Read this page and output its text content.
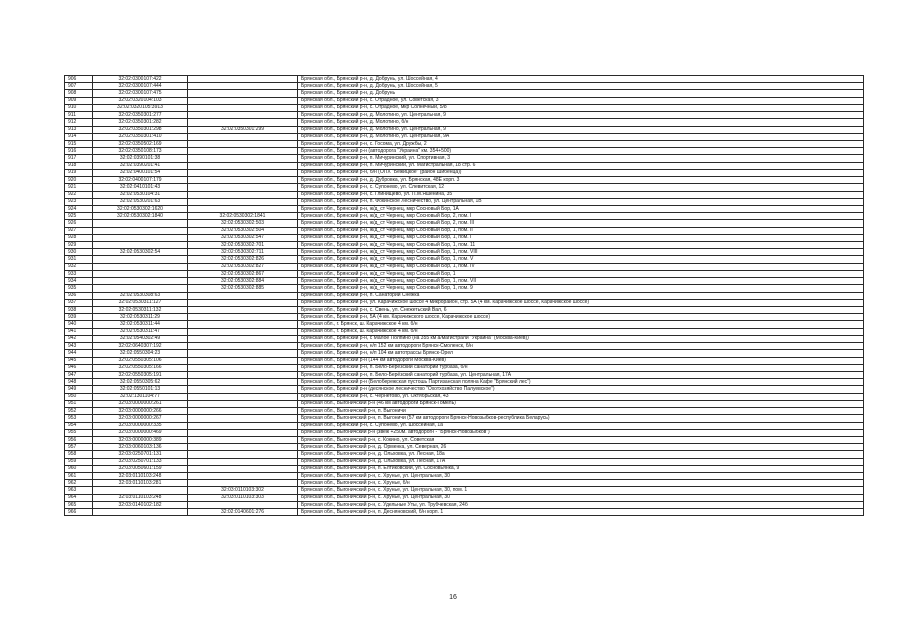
906	32:02:0300107:422		Брянская обл., Брянский р-н, д. Добрунь, ул. Шоссейная, 4
907	32:02:0300107:444		Брянская обл., Брянский р-н, д. Добрунь, ул. Шоссейная, 5
908	32:02:0300107:475		Брянская обл., Брянский р-н, д. Добрунь
909	32:02:0320104:103		Брянская обл., Брянский р-н, с. Отрадное, ул. Советская, 3
910	32:02:0320105:3913		Брянская обл., Брянский р-н, с. Отрадное, мкр Солнечный, 5/8
911	32:02:0350301:277		Брянская обл., Брянский р-н, д. Молотино, ул. Центральная, 9
912	32:02:0350301:282		Брянская обл., Брянский р-н, д. Молотино, б/н
913	32:02:0350301:298	32:02:0350301:299	Брянская обл., Брянский р-н, д. Молотино, ул. Центральная, 9
914	32:02:0350301:410		Брянская обл., Брянский р-н, д. Молотино, ул. Центральная, 9А
915	32:02:0350502:169		Брянская обл., Брянский р-н, с. Госома, ул. Дружбы, 2
916	32:02:0350108:173		Брянская обл., Брянский р-н (автодорога "Украина" км. 354+500)
917	32:02:0390101:38		Брянская обл., Брянский р-н, п. Мичуринский, ул. Спортивная, 3
918	32:02:0390201:41		Брянская обл., Брянский р-н, п. Мичуринский, ул. Магистральная, 18 стр. 6
919	32:02:0400101:54		Брянская обл., Брянский р-н, б/н (ОПХ "Бежицкое" (район Шибенца))
920	32:02:0400107:179		Брянская обл., Брянский р-н, д. Дубровка, ул. Брянская, 48Е корп. 3
921	32:02:0410101:43		Брянская обл., Брянский р-н, с. Супонево, ул. Слевитская, 12
922	32:02:0530104:31		Брянская обл., Брянский р-н, с. Глинищево, ул. П.М.Яшенина, 35
923	32:02:0530201:63		Брянская обл., Брянский р-н, п. Фокинское Лесничество, ул. Центральная, 1В
924	32:02:0530302:1620		Брянская обл., Брянский р-н, ж/д_ст Чернец, мкр Сосновый Бор, 1А
925	32:02:0530302:1840	32:02:0530302:1841	Брянская обл., Брянский р-н, ж/д_ст Чернец, мкр Сосновый Бор, 2, пом. I
926		32:02:0530302:503	Брянская обл., Брянский р-н, ж/д_ст Чернец, мкр Сосновый Бор, 2, пом. III
927		32:02:0530302:504	Брянская обл., Брянский р-н, ж/д_ст Чернец, мкр Сосновый Бор, 1, пом. II
928		32:02:0530302:547	Брянская обл., Брянский р-н, ж/д_ст Чернец, мкр Сосновый Бор, 1, пом. I
929		32:02:0530302:701	Брянская обл., Брянский р-н, ж/д_ст Чернец, мкр Сосновый Бор, 1, пом. 11
930	32:02:0530302:54	32:02:0530302:711	Брянская обл., Брянский р-н, ж/д_ст Чернец, мкр Сосновый Бор, 1, пом. VIII
931		32:02:0530302:826	Брянская обл., Брянский р-н, ж/д_ст Чернец, мкр Сосновый Бор, 1, пом. V
932		32:02:0530302:827	Брянская обл., Брянский р-н, ж/д_ст Чернец, мкр Сосновый Бор, 1, пом. IV
933		32:02:0530302:867	Брянская обл., Брянский р-н, ж/д_ст Чернец, мкр Сосновый Бор, 1
934		32:02:0530302:884	Брянская обл., Брянский р-н, ж/д_ст Чернец, мкр Сосновый Бор, 1, пом. VII
935		32:02:0530302:885	Брянская обл., Брянский р-н, ж/д_ст Чернец, мкр Сосновый Бор, 1, пом. 9
936	32:02:0530308:63		Брянская обл., Брянский р-н, п. Санаторий Снежка
937	32:02:0530311:127		Брянская обл., Брянский р-н, ул. Карачижское шоссе 4 микрорайон, стр. 5А (4 км. Карачижское шоссе, Карачижское шоссе)
938	32:02:0530311:132		Брянская обл., Брянский р-н, с. Свень, ул. Снежетьский Вал, 6
939	32:02:0530311:29		Брянская обл., Брянский р-н, 5А (4 км. Карачижского шоссе, Карачижское шоссе)
940	32:02:0530311:44		Брянская обл., г. Брянск, ш. Карачижское 4 км. б/н
941	32:02:0530311:47		Брянская обл., г. Брянск, ш. Карачижское 4 км. б/н
942	32:02:0540302:49		Брянская обл., Брянский р-н, с Малое Полпино (на 355 км а/магистрали "Украина" (Москва-Киев))
943	32:02:0640307:192		Брянская обл., Брянский р-н, н/п 152 км автодороги Брянск-Смоленск, б/н
944	32:02:0550304:23		Брянская обл., Брянский р-н, н/п 104 км автотрассы Брянск-Орел
945	32:02:0550305:106		Брянская обл., Брянский р-н (144 км автодороги Москва-Киев)
946	32:02:0550305:166		Брянская обл., Брянский р-н, п. Бело-Берёзский санаторий турбаза, б/н
947	32:02:0550305:191		Брянская обл., Брянский р-н, п. Бело-Берёзский санаторий турбаза, ул. Центральная, 17А
948	32:02:0550305:62		Брянская обл., Брянский р-н (Белобережская пустошь Партизанская поляна Кафе "Брянский лес")
949	32:02:0550101:13		Брянская обл., Брянский р-н (десянское лесничество "Охотхозяйство Палуевское")
950	32:02:1301104:77		Брянская обл., Брянский р-н, с. Чернетово, ул. Октябрьская, 43
951	32:03:0000000:261		Брянская обл., Выгоничский р-н (46 км автодороги Брянск-Гомель)
952	32:03:0000000:266		Брянская обл., Выгоничский р-н, п. Выгоничи
953	32:03:0000000:267		Брянская обл., Выгоничский р-н, п. Выгоничи (57 км автодороги Брянск-Новозыбков-республика Беларусь)
954	32:03:0000000:335		Брянская обл., Брянский р-н, с. Супонево, ул. Шоссейная, 1а
955	32:03:0000000:469		Брянская обл., Выгоничский р-н (звеж +250м. автодорогн - "Брянск-Новозыбков")
956	32:03:0000000:389		Брянская обл., Выгоничский р-н, с. Кокино, ул. Советская
957	32:03:0060103:136		Брянская обл., Выгоничский р-н, д. Орменка, ул. Северная, 26
958	32:03:0250701:131		Брянская обл., Выгоничский р-н, д. Ольховка, ул. Лесная, 18а
959	32:03:0250701:133		Брянская обл., Выгоничский р-н, д. Ольховка, ул. Лесная, 17А
960	32:03:0050601:159		Брянская обл., Выгоничский р-н, п. Ёлтиковский, ул. Сосновьянка, 9
961	32:03:0110103:248		Брянская обл., Выгоничский р-н, с. Хрунье, ул. Центральная, 30
962	32:03:0110103:281		Брянская обл., Выгоничский р-н, с. Хрунье, б/н
963		32:03:0110103:302	Брянская обл., Выгоничский р-н, с. Хрунье, ул. Центральная, 30, пом. 1
964	32:03:0110103:248	32:03:0110103:303	Брянская обл., Выгоничский р-н, с. Хрунье, ул. Центральная, 30
965	32:03:0140102:182		Брянская обл., Выгоничский р-н, с. Удельные Уты, ул. Трубчевская, 24б
966		32:02:0140601:276	Брянская обл., Выгоничский р-н, п. Десняновский, б/н корп. 1
16
